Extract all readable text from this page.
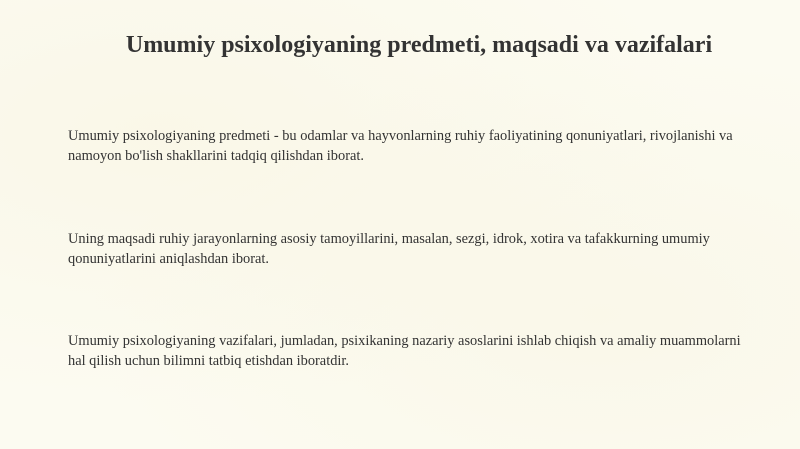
Umumiy psixologiyaning predmeti, maqsadi va vazifalari
Umumiy psixologiyaning predmeti - bu odamlar va hayvonlarning ruhiy faoliyatining qonuniyatlari, rivojlanishi va namoyon bo'lish shakllarini tadqiq qilishdan iborat.
Uning maqsadi ruhiy jarayonlarning asosiy tamoyillarini, masalan, sezgi, idrok, xotira va tafakkurning umumiy qonuniyatlarini aniqlashdan iborat.
Umumiy psixologiyaning vazifalari, jumladan, psixikaning nazariy asoslarini ishlab chiqish va amaliy muammolarni hal qilish uchun bilimni tatbiq etishdan iboratdir.
